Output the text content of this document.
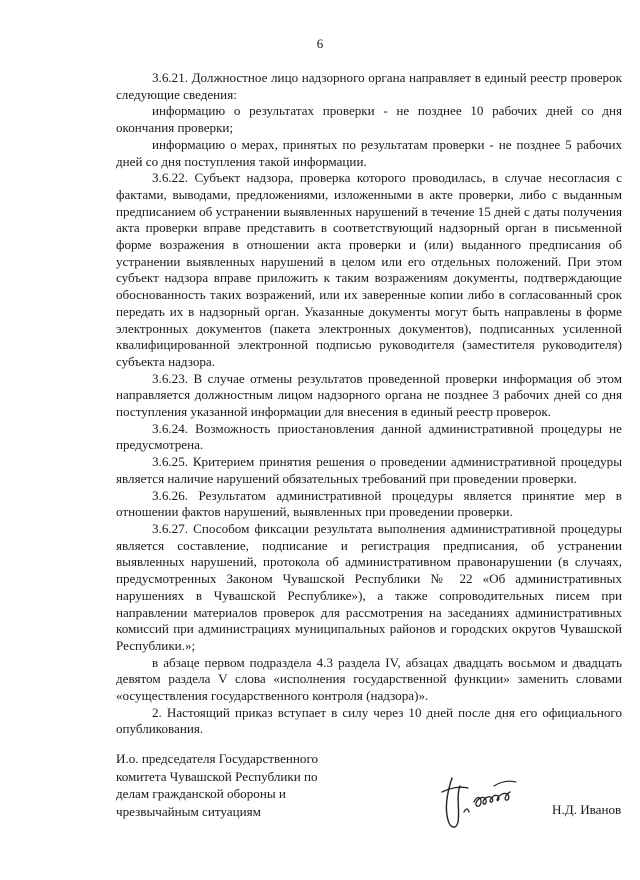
6

3.6.21. Должностное лицо надзорного органа направляет в единый реестр проверок следующие сведения:

информацию о результатах проверки - не позднее 10 рабочих дней со дня окончания проверки;

информацию о мерах, принятых по результатам проверки - не позднее 5 рабочих дней со дня поступления такой информации.

3.6.22. Субъект надзора, проверка которого проводилась, в случае несогласия с фактами, выводами, предложениями, изложенными в акте проверки, либо с выданным предписанием об устранении выявленных нарушений в течение 15 дней с даты получения акта проверки вправе представить в соответствующий надзорный орган в письменной форме возражения в отношении акта проверки и (или) выданного предписания об устранении выявленных нарушений в целом или его отдельных положений. При этом субъект надзора вправе приложить к таким возражениям документы, подтверждающие обоснованность таких возражений, или их заверенные копии либо в согласованный срок передать их в надзорный орган. Указанные документы могут быть направлены в форме электронных документов (пакета электронных документов), подписанных усиленной квалифицированной электронной подписью руководителя (заместителя руководителя) субъекта надзора.

3.6.23. В случае отмены результатов проведенной проверки информация об этом направляется должностным лицом надзорного органа не позднее 3 рабочих дней со дня поступления указанной информации для внесения в единый реестр проверок.

3.6.24. Возможность приостановления данной административной процедуры не предусмотрена.

3.6.25. Критерием принятия решения о проведении административной процедуры является наличие нарушений обязательных требований при проведении проверки.

3.6.26. Результатом административной процедуры является принятие мер в отношении фактов нарушений, выявленных при проведении проверки.

3.6.27. Способом фиксации результата выполнения административной процедуры является составление, подписание и регистрация предписания, об устранении выявленных нарушений, протокола об административном правонарушении (в случаях, предусмотренных Законом Чувашской Республики № 22 «Об административных нарушениях в Чувашской Республике»), а также сопроводительных писем при направлении материалов проверок для рассмотрения на заседаниях административных комиссий при администрациях муниципальных районов и городских округов Чувашской Республики.»;

в абзаце первом подраздела 4.3 раздела IV, абзацах двадцать восьмом и двадцать девятом раздела V слова «исполнения государственной функции» заменить словами «осуществления государственного контроля (надзора)».

2. Настоящий приказ вступает в силу через 10 дней после дня его официального опубликования.

И.о. председателя Государственного
комитета Чувашской Республики по
делам гражданской обороны и
чрезвычайным ситуациям	Н.Д. Иванов
